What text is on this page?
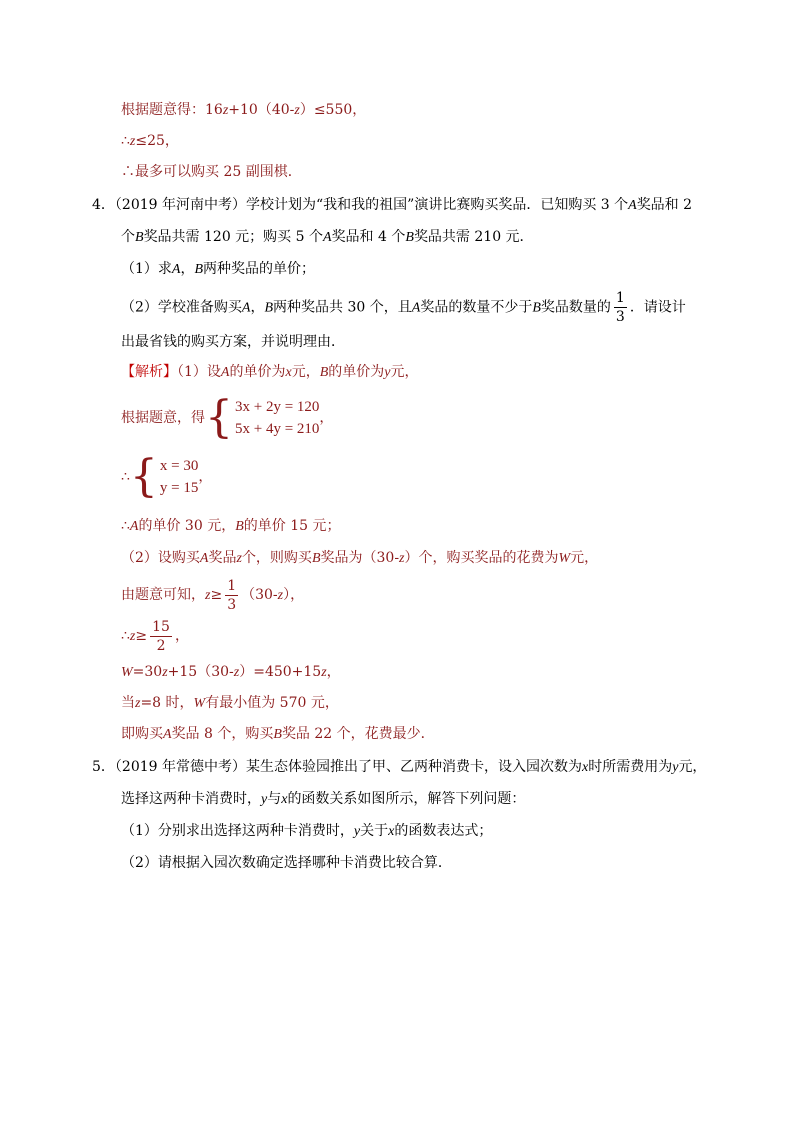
根据题意得：16z+10（40-z）≤550，
∴z≤25，
∴最多可以购买 25 副围棋．
4．（2019 年河南中考）学校计划为“我和我的祖国”演讲比赛购买奖品．已知购买 3 个A奖品和 2
个B奖品共需 120 元；购买 5 个A奖品和 4 个B奖品共需 210 元．
（1）求A，B两种奖品的单价；
（2）学校准备购买A，B两种奖品共 30 个，且A奖品的数量不少于B奖品数量的 $\frac{1}{3}$ ．请设计
出最省钱的购买方案，并说明理由．
【解析】（1）设A的单价为x元，B的单价为y元，
根据题意，得 { 3x + 2y = 120
5x + 4y = 210
，
∴ { x = 30
y = 15
，
∴A的单价 30 元，B的单价 15 元；
（2）设购买A奖品z个，则购买B奖品为（30-z）个，购买奖品的花费为W元，
由题意可知，$z\ge \frac{1}{3} (30-z)$，
∴z≥ $\frac{15}{2}$ ，
W=30z+15（30-z）=450+15z，
当z=8 时，W有最小值为 570 元，
即购买A奖品 8 个，购买B奖品 22 个，花费最少．
5．（2019 年常德中考）某生态体验园推出了甲、乙两种消费卡，设入园次数为x时所需费用为y元，
选择这两种卡消费时，y与x的函数关系如图所示，解答下列问题：
（1）分别求出选择这两种卡消费时，y关于x的函数表达式；
（2）请根据入园次数确定选择哪种卡消费比较合算．
